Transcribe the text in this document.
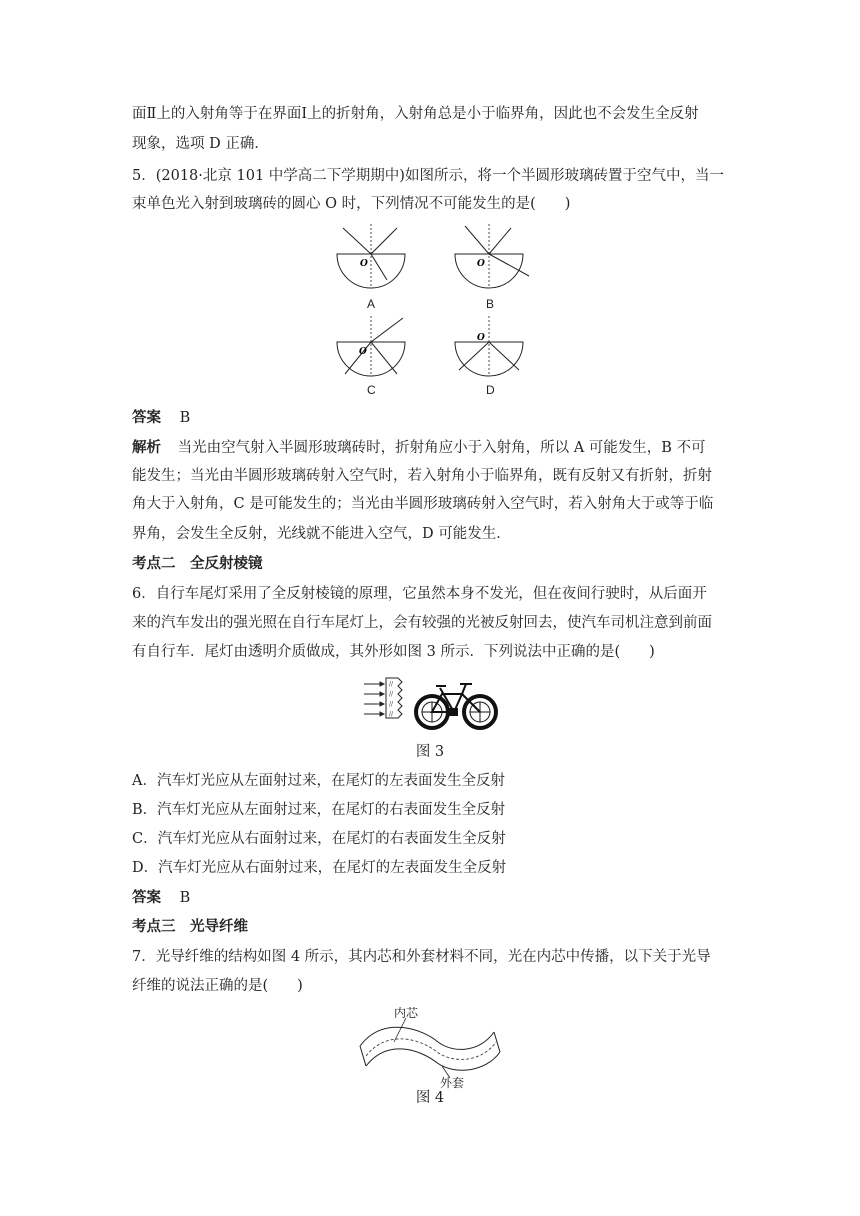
面Ⅱ上的入射角等于在界面Ⅰ上的折射角，入射角总是小于临界角，因此也不会发生全反射
现象，选项 D 正确．
5．(2018·北京 101 中学高二下学期期中)如图所示，将一个半圆形玻璃砖置于空气中，当一
束单色光入射到玻璃砖的圆心 O 时，下列情况不可能发生的是(　　)
O
A
O
B
O
C
O
D
答案 B
解析 当光由空气射入半圆形玻璃砖时，折射角应小于入射角，所以 A 可能发生，B 不可
能发生；当光由半圆形玻璃砖射入空气时，若入射角小于临界角，既有反射又有折射，折射
角大于入射角，C 是可能发生的；当光由半圆形玻璃砖射入空气时，若入射角大于或等于临
界角，会发生全反射，光线就不能进入空气，D 可能发生．
考点二　全反射棱镜
6．自行车尾灯采用了全反射棱镜的原理，它虽然本身不发光，但在夜间行驶时，从后面开
来的汽车发出的强光照在自行车尾灯上，会有较强的光被反射回去，使汽车司机注意到前面
有自行车．尾灯由透明介质做成，其外形如图 3 所示．下列说法中正确的是(　　)
//
//
//
//
图 3
A．汽车灯光应从左面射过来，在尾灯的左表面发生全反射
B．汽车灯光应从左面射过来，在尾灯的右表面发生全反射
C．汽车灯光应从右面射过来，在尾灯的右表面发生全反射
D．汽车灯光应从右面射过来，在尾灯的左表面发生全反射
答案 B
考点三　光导纤维
7．光导纤维的结构如图 4 所示，其内芯和外套材料不同，光在内芯中传播，以下关于光导
纤维的说法正确的是(　　)
内芯
外套
图 4
